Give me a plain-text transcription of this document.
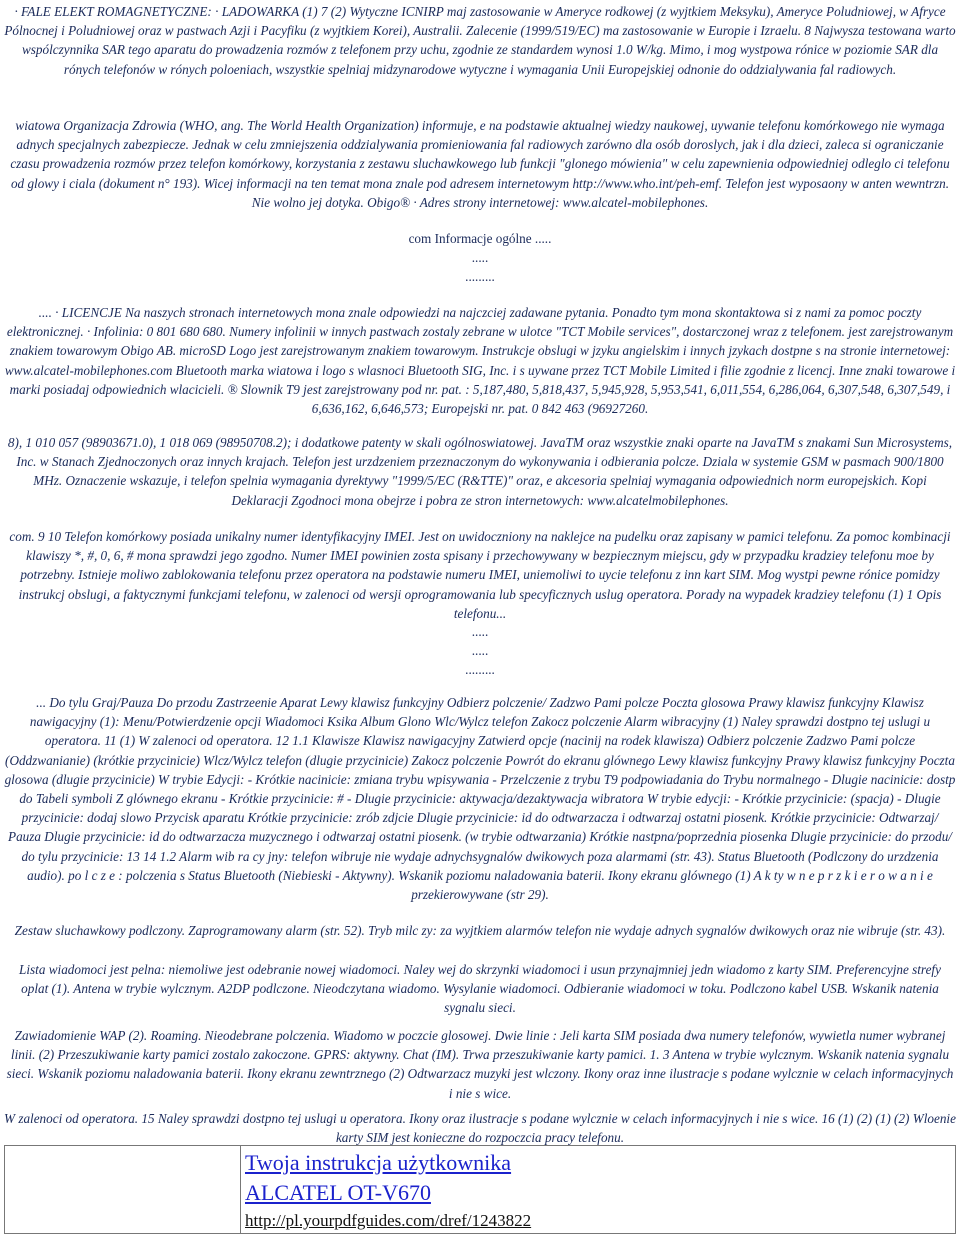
· FALE ELEKT ROMAGNETYCZNE: · LADOWARKA (1) 7 (2) Wytyczne ICNIRP maj zastosowanie w Ameryce rodkowej (z wyjtkiem Meksyku), Ameryce Poludniowej, w Afryce Pólnocnej i Poludniowej oraz w pastwach Azji i Pacyfiku (z wyjtkiem Korei), Australii. Zalecenie (1999/519/EC) ma zastosowanie w Europie i Izraelu. 8 Najwysza testowana warto wspólczynnika SAR tego aparatu do prowadzenia rozmów z telefonem przy uchu, zgodnie ze standardem wynosi 1.0 W/kg. Mimo, i mog wystpowa rónice w poziomie SAR dla rónych telefonów w rónych poloeniach, wszystkie spelniaj midzynarodowe wytyczne i wymagania Unii Europejskiej odnonie do oddzialywania fal radiowych.

wiatowa Organizacja Zdrowia (WHO, ang. The World Health Organization) informuje, e na podstawie aktualnej wiedzy naukowej, uywanie telefonu komórkowego nie wymaga adnych specjalnych zabezpiecze. Jednak w celu zmniejszenia oddzialywania promieniowania fal radiowych zarówno dla osób doroslych, jak i dla dzieci, zaleca si ograniczanie czasu prowadzenia rozmów przez telefon komórkowy, korzystania z zestawu sluchawkowego lub funkcji "glonego mówienia" w celu zapewnienia odpowiedniej odleglo ci telefonu od glowy i ciala (dokument n° 193). Wicej informacji na ten temat mona znale pod adresem internetowym http://www.who.int/peh-emf. Telefon jest wyposaony w anten wewntrzn. Nie wolno jej dotyka. Obigo® · Adres strony internetowej: www.alcatel-mobilephones.

com Informacje ogólne .....

.....

.........

.... · LICENCJE Na naszych stronach internetowych mona znale odpowiedzi na najczciej zadawane pytania. Ponadto tym mona skontaktowa si z nami za pomoc poczty elektronicznej. · Infolinia: 0 801 680 680. Numery infolinii w innych pastwach zostaly zebrane w ulotce "TCT Mobile services", dostarczonej wraz z telefonem. jest zarejstrowanym znakiem towarowym Obigo AB. microSD Logo jest zarejstrowanym znakiem towarowym. Instrukcje obslugi w jzyku angielskim i innych jzykach dostpne s na stronie internetowej: www.alcatel-mobilephones.com Bluetooth marka wiatowa i logo s wlasnoci Bluetooth SIG, Inc. i s uywane przez TCT Mobile Limited i filie zgodnie z licencj. Inne znaki towarowe i marki posiadaj odpowiednich wlacicieli. ® Slownik T9 jest zarejstrowany pod nr. pat. : 5,187,480, 5,818,437, 5,945,928, 5,953,541, 6,011,554, 6,286,064, 6,307,548, 6,307,549, i 6,636,162, 6,646,573; Europejski nr. pat. 0 842 463 (96927260.

8), 1 010 057 (98903671.0), 1 018 069 (98950708.2); i dodatkowe patenty w skali ogólnoswiatowej. JavaTM oraz wszystkie znaki oparte na JavaTM s znakami Sun Microsystems, Inc. w Stanach Zjednoczonych oraz innych krajach. Telefon jest urzdzeniem przeznaczonym do wykonywania i odbierania polcze. Dziala w systemie GSM w pasmach 900/1800 MHz. Oznaczenie wskazuje, i telefon spelnia wymagania dyrektywy "1999/5/EC (R&TTE)" oraz, e akcesoria spelniaj wymagania odpowiednich norm europejskich. Kopi Deklaracji Zgodnoci mona obejrze i pobra ze stron internetowych: www.alcatelmobilephones.

com. 9 10 Telefon komórkowy posiada unikalny numer identyfikacyjny IMEI. Jest on uwidoczniony na naklejce na pudelku oraz zapisany w pamici telefonu. Za pomoc kombinacji klawiszy *, #, 0, 6, # mona sprawdzi jego zgodno. Numer IMEI powinien zosta spisany i przechowywany w bezpiecznym miejscu, gdy w przypadku kradziey telefonu moe by potrzebny. Istnieje moliwo zablokowania telefonu przez operatora na podstawie numeru IMEI, uniemoliwi to uycie telefonu z inn kart SIM. Mog wystpi pewne rónice pomidzy instrukcj obslugi, a faktycznymi funkcjami telefonu, w zalenoci od wersji oprogramowania lub specyficznych uslug operatora. Porady na wypadek kradziey telefonu (1) 1 Opis telefonu...

.....

.....

.........

... Do tylu Graj/Pauza Do przodu Zastrzeenie Aparat Lewy klawisz funkcyjny Odbierz polczenie/ Zadzwo Pami polcze Poczta glosowa Prawy klawisz funkcyjny Klawisz nawigacyjny (1): Menu/Potwierdzenie opcji Wiadomoci Ksika Album Glono Wlc/Wylcz telefon Zakocz polczenie Alarm wibracyjny (1) Naley sprawdzi dostpno tej uslugi u operatora. 11 (1) W zalenoci od operatora. 12 1.1 Klawisze Klawisz nawigacyjny Zatwierd opcje (nacinij na rodek klawisza) Odbierz polczenie Zadzwo Pami polcze (Oddzwanianie) (krótkie przycinicie) Wlcz/Wylcz telefon (dlugie przycinicie) Zakocz polczenie Powrót do ekranu glównego Lewy klawisz funkcyjny Prawy klawisz funkcyjny Poczta glosowa (dlugie przycinicie) W trybie Edycji: - Krótkie nacinicie: zmiana trybu wpisywania - Przelczenie z trybu T9 podpowiadania do Trybu normalnego - Dlugie nacinicie: dostp do Tabeli symboli Z glównego ekranu - Krótkie przycinicie: # - Dlugie przycinicie: aktywacja/dezaktywacja wibratora W trybie edycji: - Krótkie przycinicie: (spacja) - Dlugie przycinicie: dodaj slowo Przycisk aparatu Krótkie przycinicie: zrób zdjcie Dlugie przycinicie: id do odtwarzacza i odtwarzaj ostatni piosenk. Krótkie przycinicie: Odtwarzaj/ Pauza Dlugie przycinicie: id do odtwarzacza muzycznego i odtwarzaj ostatni piosenk. (w trybie odtwarzania) Krótkie nastpna/poprzednia piosenka Dlugie przycinicie: do przodu/ do tylu przycinicie: 13 14 1.2 Alarm wib ra cy jny: telefon wibruje nie wydaje adnychsygnalów dwikowych poza alarmami (str. 43). Status Bluetooth (Podlczony do urzdzenia audio). po l c z e : polczenia s Status Bluetooth (Niebieski - Aktywny). Wskanik poziomu naladowania baterii. Ikony ekranu glównego (1) A k ty w n e p r z k i e r o w a n i e przekierowywane (str 29).

Zestaw sluchawkowy podlczony. Zaprogramowany alarm (str. 52). Tryb milc zy: za wyjtkiem alarmów telefon nie wydaje adnych sygnalów dwikowych oraz nie wibruje (str. 43).

Lista wiadomoci jest pelna: niemoliwe jest odebranie nowej wiadomoci. Naley wej do skrzynki wiadomoci i usun przynajmniej jedn wiadomo z karty SIM. Preferencyjne strefy oplat (1). Antena w trybie wylcznym. A2DP podlczone. Nieodczytana wiadomo. Wysylanie wiadomoci. Odbieranie wiadomoci w toku. Podlczono kabel USB. Wskanik natenia sygnalu sieci.

Zawiadomienie WAP (2). Roaming. Nieodebrane polczenia. Wiadomo w poczcie glosowej. Dwie linie : Jeli karta SIM posiada dwa numery telefonów, wywietla numer wybranej linii. (2) Przeszukiwanie karty pamici zostalo zakoczone. GPRS: aktywny. Chat (IM). Trwa przeszukiwanie karty pamici. 1. 3 Antena w trybie wylcznym. Wskanik natenia sygnalu sieci. Wskanik poziomu naladowania baterii. Ikony ekranu zewntrznego (2) Odtwarzacz muzyki jest wlczony. Ikony oraz inne ilustracje s podane wylcznie w celach informacyjnych i nie s wice.

W zalenoci od operatora. 15 Naley sprawdzi dostpno tej uslugi u operatora. Ikony oraz ilustracje s podane wylcznie w celach informacyjnych i nie s wice. 16 (1) (2) (1) (2) Wloenie karty SIM jest konieczne do rozpoczcia pracy telefonu.

Twoja instrukcja użytkownika
ALCATEL OT-V670
http://pl.yourpdfguides.com/dref/1243822
